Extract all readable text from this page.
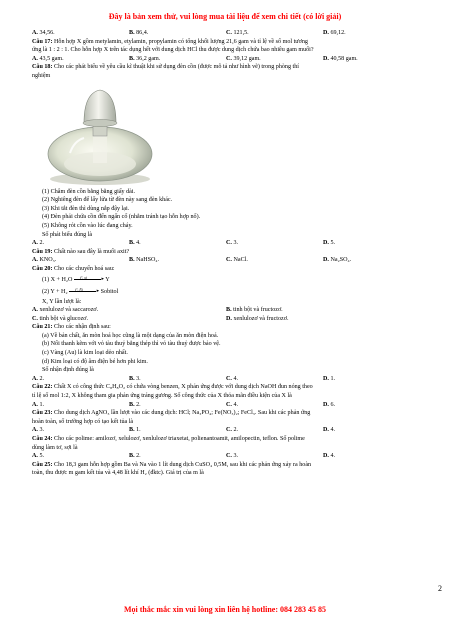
Đây là bản xem thử, vui lòng mua tài liệu để xem chi tiết (có lời giải)
A. 34,56.	B. 86,4.	C. 121,5.	D. 69,12.
Câu 17: Hỗn hợp X gồm metylamin, etylamin, propylamin có tổng khối lượng 21,6 gam và tỉ lệ về số mol tương
ứng là 1 : 2 : 1. Cho hỗn hợp X trên tác dụng hết với dung dịch HCl thu được dung dịch chứa bao nhiêu gam muối?
A. 43,5 gam.	B. 36,2 gam.	C. 39,12 gam.	D. 40,58 gam.
Câu 18: Cho các phát biểu về yêu cầu kĩ thuật khi sử dụng đèn cồn (được mô tả như hình vẽ) trong phòng thí
nghiệm
(1) Châm đèn cồn bằng bằng giấy dài.
(2) Nghiêng đèn để lấy lửa từ đèn này sang đèn khác.
(3) Khi tắt đèn thì dùng nắp đậy lại.
(4) Đèn phải chứa cồn đến ngấn cổ (nhằm tránh tạo hỗn hợp nổ).
(5) Không rót cồn vào lúc đang cháy.
Số phát biểu đúng là
A. 2.	B. 4.	C. 3.	D. 5.
Câu 19: Chất nào sau đây là muối axit?
A. KNO₃.	B. NaHSO₄.	C. NaCl.	D. Na₂SO₄.
Câu 20: Cho các chuyển hoá sau:
(1) X + H₂O t°, xt	▸ Y
(2) Y + H₂ t°, Ni	▸ Sobitol
X, Y lần lượt là:
A. xenlulozơ và saccarozơ.	B. tinh bột và fructozơ.
C. tinh bột và glucozơ.	D. xenlulozơ và fructozơ.
Câu 21: Cho các nhận định sau:
(a) Về bản chất, ăn mòn hoá học cũng là một dạng của ăn mòn điện hoá.
(b) Nối thanh kẽm với vỏ tàu thuỷ bằng thép thì vỏ tàu thuỷ được bảo vệ.
(c) Vàng (Au) là kim loại dẻo nhất.
(d) Kim loại có độ âm điện bé hơn phi kim.
Số nhận định đúng là
A. 2.	B. 3.	C. 4.	D. 1.
Câu 22: Chất X có công thức C₈H₈O₂ có chứa vòng benzen, X phản ứng được với dung dịch NaOH đun nóng theo
tỉ lệ số mol 1:2, X không tham gia phản ứng tráng gương. Số công thức của X thỏa mãn điều kiện của X là
A. 1.	B. 2.	C. 4.	D. 6.
Câu 23: Cho dung dịch AgNO₃ lần lượt vào các dung dịch: HCl; Na₃PO₄; Fe(NO₃)₂; FeCl₃. Sau khi các phản ứng
hoàn toàn, số trường hợp có tạo kết tủa là
A. 3.	B. 1.	C. 2.	D. 4.
Câu 24: Cho các polime: amilozơ, xelulozơ, xenlulozơ triaxetat, polienantoamit, amilopectin, teflon. Số polime
dùng làm tơ, sợi là
A. 5.	B. 2.	C. 3.	D. 4.
Câu 25: Cho 18,3 gam hỗn hợp gồm Ba và Na vào 1 lít dung dịch CuSO₄ 0,5M, sau khi các phản ứng xảy ra hoàn
toàn, thu được m gam kết tủa và 4,48 lít khí H₂ (đktc). Giá trị của m là
2
Mọi thắc mắc xin vui lòng xin liên hệ hotline: 084 283 45 85
